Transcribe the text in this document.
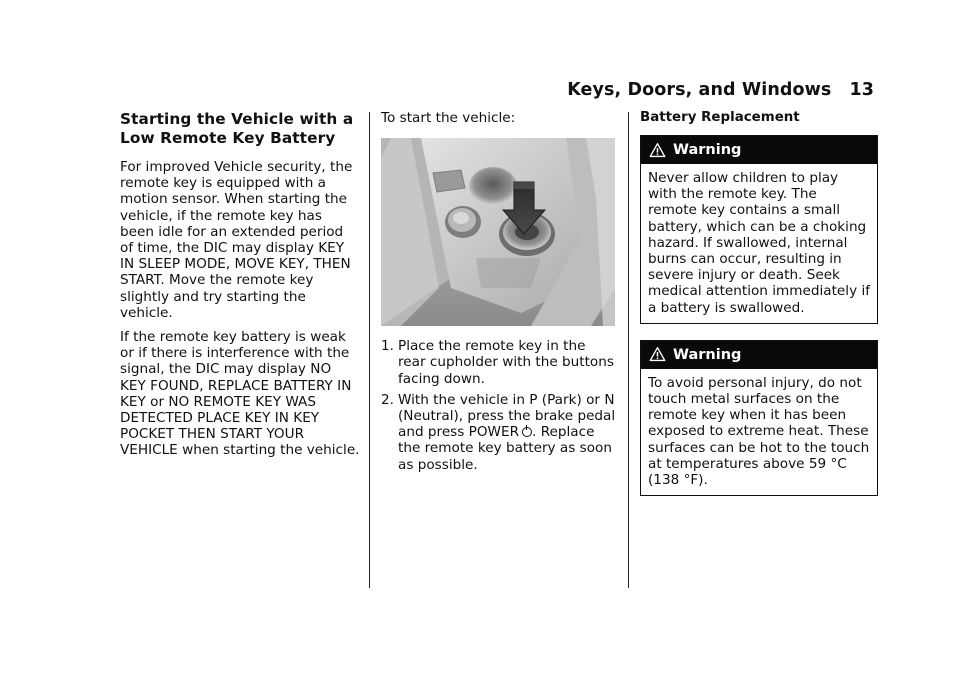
Keys, Doors, and Windows 13
Starting the Vehicle with a Low Remote Key Battery

For improved Vehicle security, the remote key is equipped with a motion sensor. When starting the vehicle, if the remote key has been idle for an extended period of time, the DIC may display KEY IN SLEEP MODE, MOVE KEY, THEN START. Move the remote key slightly and try starting the vehicle.

If the remote key battery is weak or if there is interference with the signal, the DIC may display NO KEY FOUND, REPLACE BATTERY IN KEY or NO REMOTE KEY WAS DETECTED PLACE KEY IN KEY POCKET THEN START YOUR VEHICLE when starting the vehicle.

To start the vehicle:

1. Place the remote key in the rear cupholder with the buttons facing down.
2. With the vehicle in P (Park) or N (Neutral), press the brake pedal and press POWER . Replace the remote key battery as soon as possible.
Battery Replacement
Warning
Never allow children to play with the remote key. The remote key contains a small battery, which can be a choking hazard. If swallowed, internal burns can occur, resulting in severe injury or death. Seek medical attention immediately if a battery is swallowed.
Warning
To avoid personal injury, do not touch metal surfaces on the remote key when it has been exposed to extreme heat. These surfaces can be hot to the touch at temperatures above 59 °C (138 °F).
